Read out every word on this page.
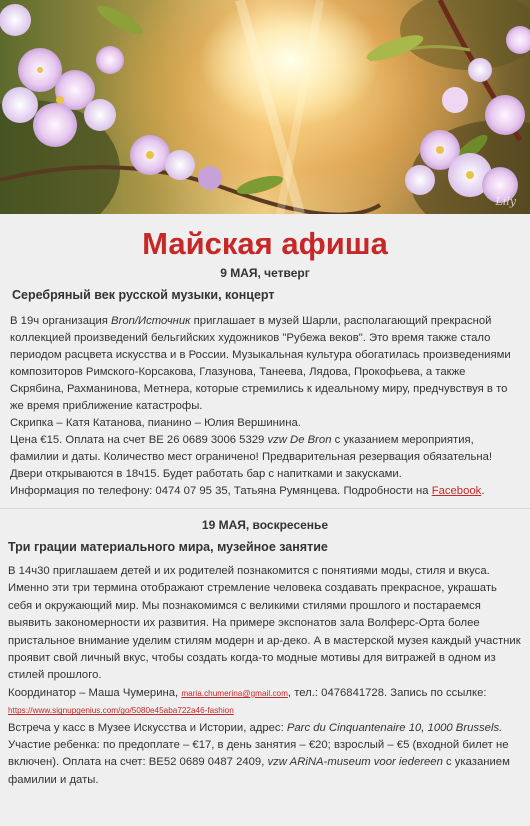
Lily
Майская афиша
9 МАЯ, четверг
Серебряный век русской музыки, концерт
В 19ч организация Bron/Источник приглашает в музей Шарли, располагающий прекрасной коллекцией произведений бельгийских художников "Рубежа веков". Это время также стало периодом расцвета искусства и в России. Музыкальная культура обогатилась произведениями композиторов Римского-Корсакова, Глазунова, Танеева, Лядова, Прокофьева, а также Скрябина, Рахманинова, Метнера, которые стремились к идеальному миру, предчувствуя в то же время приближение катастрофы.
Скрипка – Катя Катанова, пианино – Юлия Вершинина.
Цена €15. Оплата на счет BE 26 0689 3006 5329 vzw De Bron с указанием мероприятия, фамилии и даты. Количество мест ограничено! Предварительная резервация обязательна!
Двери открываются в 18ч15. Будет работать бар с напитками и закусками.
Информация по телефону: 0474 07 95 35, Татьяна Румянцева. Подробности на Facebook.
19 МАЯ, воскресенье
Три грации материального мира, музейное занятие
В 14ч30 приглашаем детей и их родителей познакомится с понятиями моды, стиля и вкуса. Именно эти три термина отображают стремление человека создавать прекрасное, украшать себя и окружающий мир. Мы познакомимся с великими стилями прошлого и постараемся выявить закономерности их развития. На примере экспонатов зала Волферс-Орта более пристальное внимание уделим стилям модерн и ар-деко. А в мастерской музея каждый участник проявит свой личный вкус, чтобы создать когда-то модные мотивы для витражей в одном из стилей прошлого.
Координатор – Маша Чумерина, maria.chumerina@gmail.com, тел.: 0476841728. Запись по ссылке: https://www.signupgenius.com/go/5080e45aba722a46-fashion
Встреча у касс в Музее Искусства и Истории, адрес: Parc du Cinquantenaire 10, 1000 Brussels. Участие ребенка: по предоплате – €17, в день занятия – €20; взрослый – €5 (входной билет не включен). Оплата на счет: BE52 0689 0487 2409, vzw ARiNA-museum voor iedereen с указанием фамилии и даты.
